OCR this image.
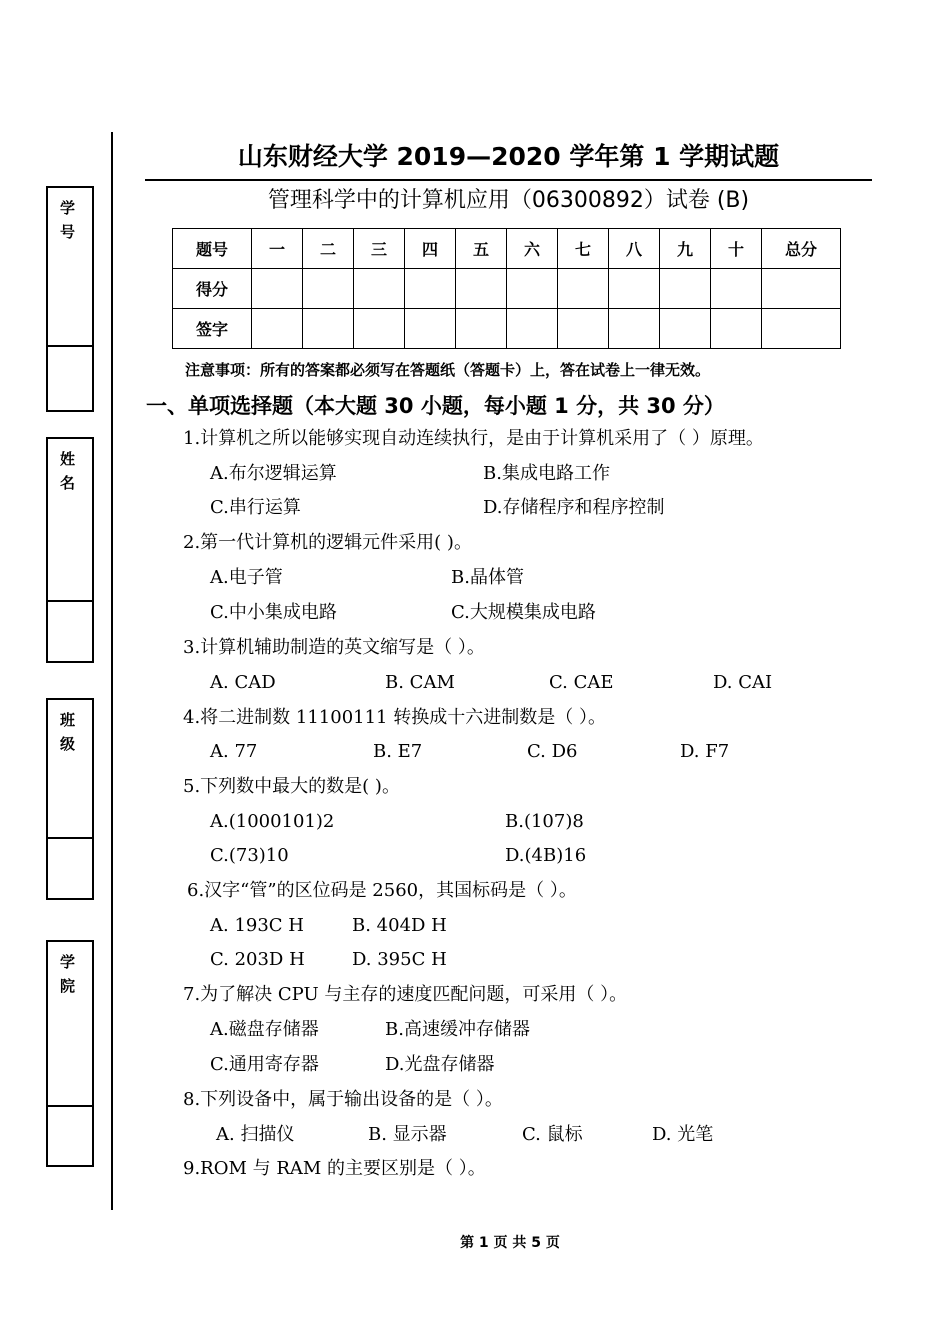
学号
姓名
班级
学院
山东财经大学 2019—2020 学年第 1 学期试题
管理科学中的计算机应用（06300892）试卷 (B)
题号	一	二	三	四	五	六	七	八	九	十	总分
得分											
签字											
注意事项：所有的答案都必须写在答题纸（答题卡）上，答在试卷上一律无效。
一、单项选择题（本大题 30 小题，每小题 1 分，共 30 分）
1.计算机之所以能够实现自动连续执行，是由于计算机采用了（ ）原理。
A.布尔逻辑运算	B.集成电路工作
C.串行运算	D.存储程序和程序控制
2.第一代计算机的逻辑元件采用( )。
A.电子管	B.晶体管
C.中小集成电路	C.大规模集成电路
3.计算机辅助制造的英文缩写是（ ）。
A. CAD	B. CAM	C. CAE	D. CAI
4.将二进制数 11100111 转换成十六进制数是（ ）。
A. 77	B. E7	C. D6	D. F7
5.下列数中最大的数是( )。
A.(1000101)2	B.(107)8
C.(73)10	D.(4B)16
6.汉字“管”的区位码是 2560，其国标码是（ ）。
A. 193C H	B. 404D H
C. 203D H	D. 395C H
7.为了解决 CPU 与主存的速度匹配问题，可采用（ ）。
A.磁盘存储器	B.高速缓冲存储器
C.通用寄存器	D.光盘存储器
8.下列设备中，属于输出设备的是（ ）。
A. 扫描仪	B. 显示器	C. 鼠标	D. 光笔
9.ROM 与 RAM 的主要区别是（ ）。
第 1 页 共 5 页
